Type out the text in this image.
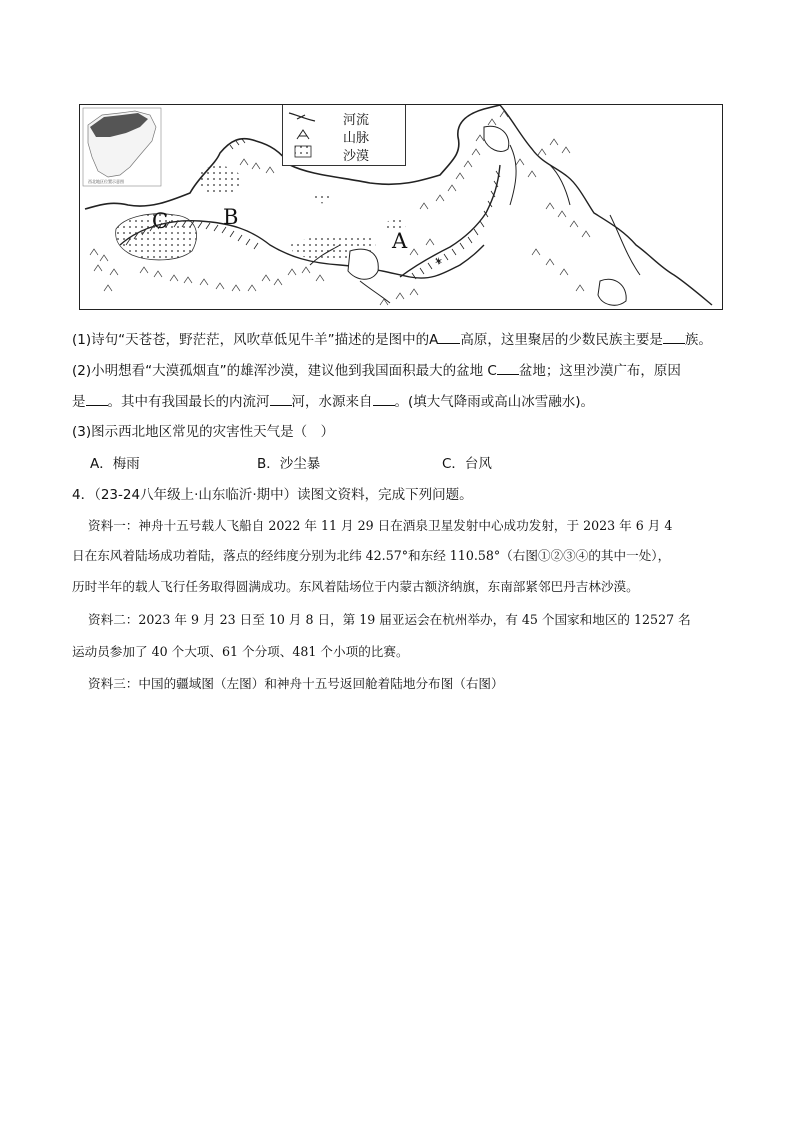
西北地区位置示意图
✶
河流
山脉
沙漠
C	B
A
(1)诗句“天苍苍，野茫茫，风吹草低见牛羊”描述的是图中的A 高原，这里聚居的少数民族主要是 族。
(2)小明想看“大漠孤烟直”的雄浑沙漠，建议他到我国面积最大的盆地 C 盆地；这里沙漠广布，原因
是 。其中有我国最长的内流河 河，水源来自 。(填大气降雨或高山冰雪融水)。
(3)图示西北地区常见的灾害性天气是（　）
A．梅雨	B．沙尘暴	C．台风
4．（23-24八年级上·山东临沂·期中）读图文资料，完成下列问题。
资料一：神舟十五号载人飞船自 2022 年 11 月 29 日在酒泉卫星发射中心成功发射，于 2023 年 6 月 4
日在东风着陆场成功着陆，落点的经纬度分别为北纬 42.57°和东经 110.58°（右图①②③④的其中一处），
历时半年的载人飞行任务取得圆满成功。东风着陆场位于内蒙古额济纳旗，东南部紧邻巴丹吉林沙漠。
资料二：2023 年 9 月 23 日至 10 月 8 日，第 19 届亚运会在杭州举办，有 45 个国家和地区的 12527 名
运动员参加了 40 个大项、61 个分项、481 个小项的比赛。
资料三：中国的疆域图（左图）和神舟十五号返回舱着陆地分布图（右图）
